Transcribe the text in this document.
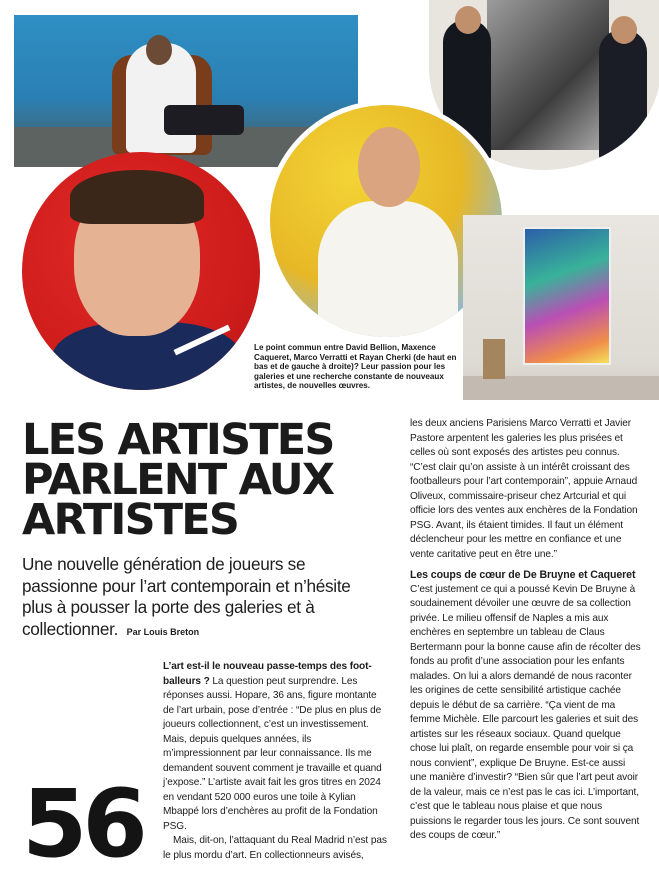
Le point commun entre David Bellion, Maxence Caqueret, Marco Verratti et Rayan Cherki (de haut en bas et de gauche à droite)? Leur passion pour les galeries et une recherche constante de nouveaux artistes, de nouvelles œuvres.
LES ARTISTES
PARLENT AUX
ARTISTES
Une nouvelle génération de joueurs se passionne pour l’art contemporain et n’hésite plus à pousser la porte des galeries et à collectionner. Par Louis Breton

L’art est-il le nouveau passe-temps des foot-balleurs ? La question peut surprendre. Les réponses aussi. Hopare, 36 ans, figure montante de l’art urbain, pose d’entrée : “De plus en plus de joueurs collectionnent, c’est un investissement. Mais, depuis quelques années, ils m’impressionnent par leur connaissance. Ils me demandent souvent comment je travaille et quand j’expose.” L’artiste avait fait les gros titres en 2024 en vendant 520 000 euros une toile à Kylian Mbappé lors d’enchères au profit de la Fondation PSG.

Mais, dit-on, l’attaquant du Real Madrid n’est pas le plus mordu d’art. En collectionneurs avisés,

les deux anciens Parisiens Marco Verratti et Javier Pastore arpentent les galeries les plus prisées et celles où sont exposés des artistes peu connus. “C’est clair qu’on assiste à un intérêt croissant des footballeurs pour l’art contemporain”, appuie Arnaud Oliveux, commissaire-priseur chez Artcurial et qui officie lors des ventes aux enchères de la Fondation PSG. Avant, ils étaient timides. Il faut un élément déclencheur pour les mettre en confiance et une vente caritative peut en être une.”

Les coups de cœur de De Bruyne et Caqueret

C’est justement ce qui a poussé Kevin De Bruyne à soudainement dévoiler une œuvre de sa collection privée. Le milieu offensif de Naples a mis aux enchères en septembre un tableau de Claus Bertermann pour la bonne cause afin de récolter des fonds au profit d’une association pour les enfants malades. On lui a alors demandé de nous raconter les origines de cette sensibilité artistique cachée depuis le début de sa carrière. “Ça vient de ma femme Michèle. Elle parcourt les galeries et suit des artistes sur les réseaux sociaux. Quand quelque chose lui plaît, on regarde ensemble pour voir si ça nous convient”, explique De Bruyne. Est-ce aussi une manière d’investir? “Bien sûr que l’art peut avoir de la valeur, mais ce n’est pas le cas ici. L’important, c’est que le tableau nous plaise et que nous puissions le regarder tous les jours. Ce sont souvent des coups de cœur.”

56
